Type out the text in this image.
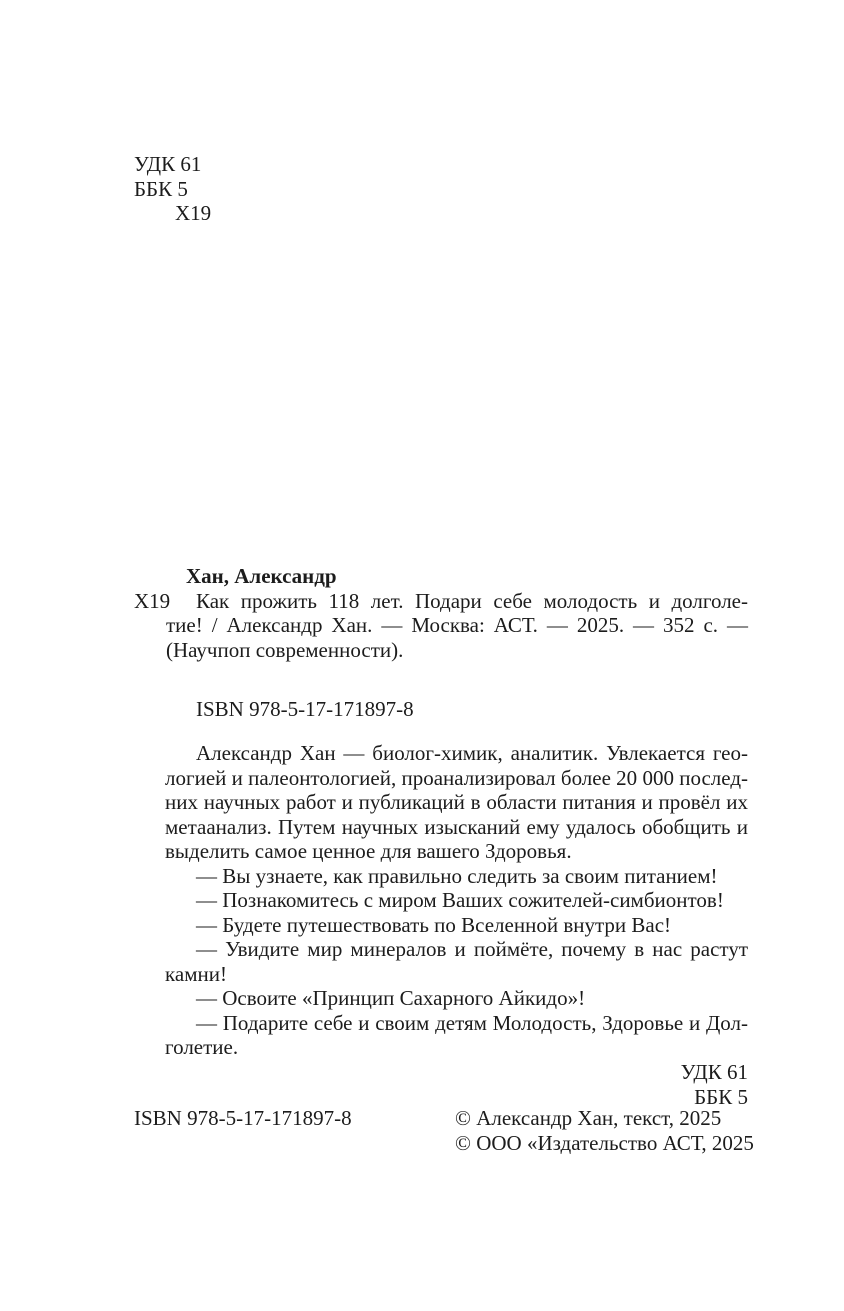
УДК 61
ББК 5
Х19
Хан, Александр
Х19 Как прожить 118 лет. Подари себе молодость и долголе-
тие! / Александр Хан. — Москва: АСТ. — 2025. — 352 с. —
(Научпоп современности).
ISBN 978-5-17-171897-8
Александр Хан — биолог-химик, аналитик. Увлекается гео-
логией и палеонтологией, проанализировал более 20 000 послед-
них научных работ и публикаций в области питания и провёл их
метаанализ. Путем научных изысканий ему удалось обобщить и
выделить самое ценное для вашего Здоровья.
— Вы узнаете, как правильно следить за своим питанием!
— Познакомитесь с миром Ваших сожителей-симбионтов!
— Будете путешествовать по Вселенной внутри Вас!
— Увидите мир минералов и поймёте, почему в нас растут
камни!
— Освоите «Принцип Сахарного Айкидо»!
— Подарите себе и своим детям Молодость, Здоровье и Дол-
голетие.
УДК 61
ББК 5
ISBN 978-5-17-171897-8	© Александр Хан, текст, 2025
© ООО «Издательство АСТ, 2025
